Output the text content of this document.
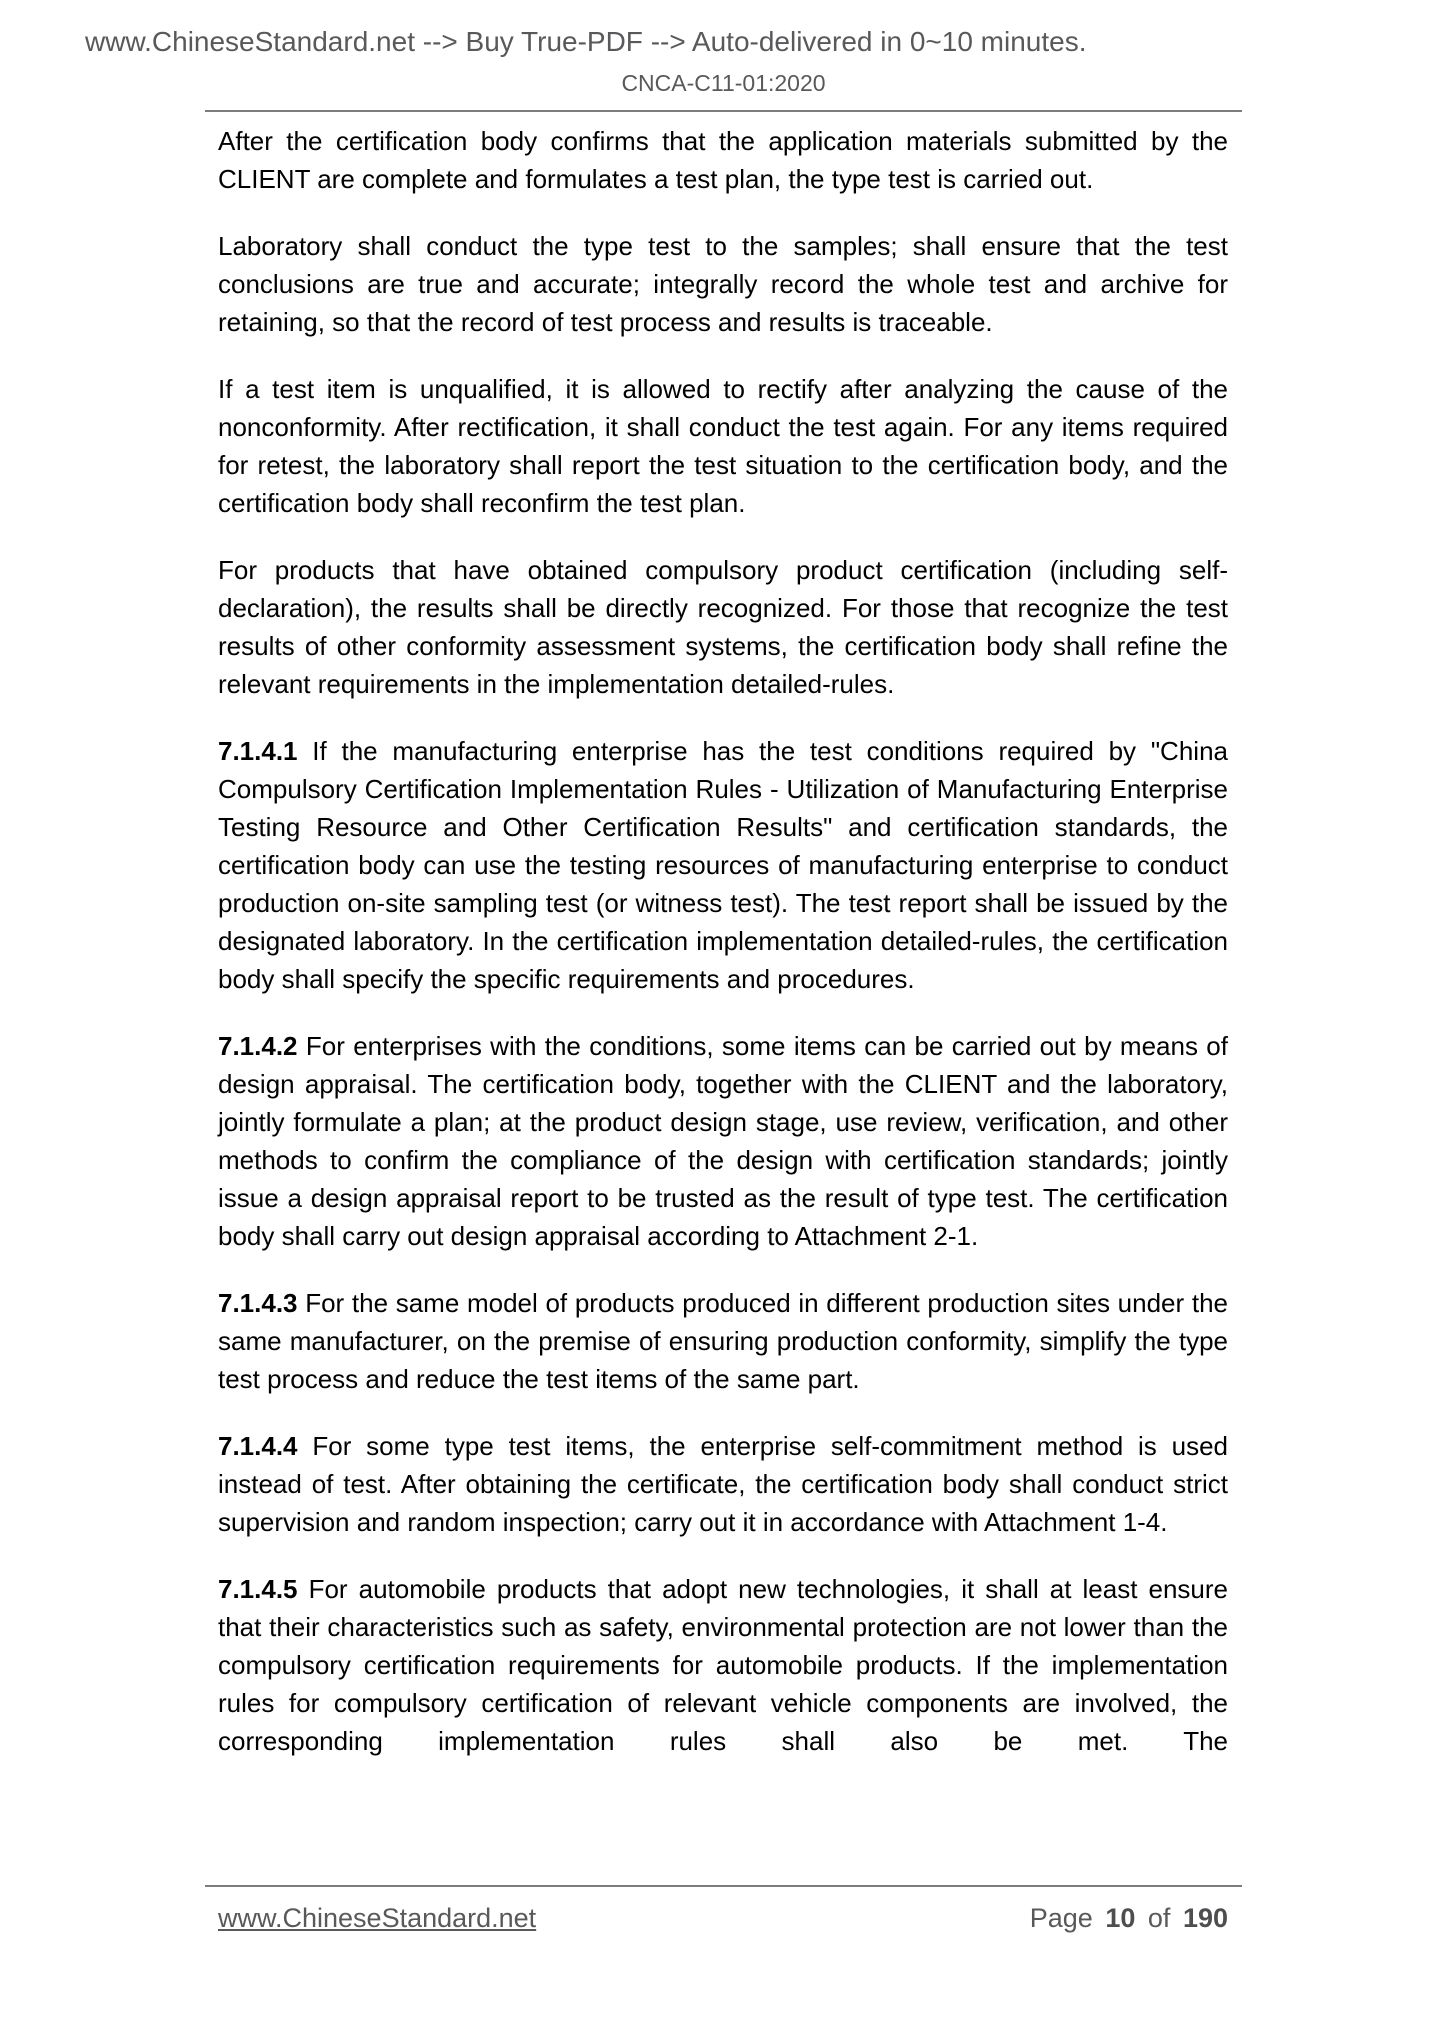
www.ChineseStandard.net --> Buy True-PDF --> Auto-delivered in 0~10 minutes.
CNCA-C11-01:2020

After the certification body confirms that the application materials submitted by the CLIENT are complete and formulates a test plan, the type test is carried out.

Laboratory shall conduct the type test to the samples; shall ensure that the test conclusions are true and accurate; integrally record the whole test and archive for retaining, so that the record of test process and results is traceable.

If a test item is unqualified, it is allowed to rectify after analyzing the cause of the nonconformity. After rectification, it shall conduct the test again. For any items required for retest, the laboratory shall report the test situation to the certification body, and the certification body shall reconfirm the test plan.

For products that have obtained compulsory product certification (including self-declaration), the results shall be directly recognized. For those that recognize the test results of other conformity assessment systems, the certification body shall refine the relevant requirements in the implementation detailed-rules.

7.1.4.1 If the manufacturing enterprise has the test conditions required by "China Compulsory Certification Implementation Rules - Utilization of Manufacturing Enterprise Testing Resource and Other Certification Results" and certification standards, the certification body can use the testing resources of manufacturing enterprise to conduct production on-site sampling test (or witness test). The test report shall be issued by the designated laboratory. In the certification implementation detailed-rules, the certification body shall specify the specific requirements and procedures.

7.1.4.2 For enterprises with the conditions, some items can be carried out by means of design appraisal. The certification body, together with the CLIENT and the laboratory, jointly formulate a plan; at the product design stage, use review, verification, and other methods to confirm the compliance of the design with certification standards; jointly issue a design appraisal report to be trusted as the result of type test. The certification body shall carry out design appraisal according to Attachment 2-1.

7.1.4.3 For the same model of products produced in different production sites under the same manufacturer, on the premise of ensuring production conformity, simplify the type test process and reduce the test items of the same part.

7.1.4.4 For some type test items, the enterprise self-commitment method is used instead of test. After obtaining the certificate, the certification body shall conduct strict supervision and random inspection; carry out it in accordance with Attachment 1-4.

7.1.4.5 For automobile products that adopt new technologies, it shall at least ensure that their characteristics such as safety, environmental protection are not lower than the compulsory certification requirements for automobile products. If the implementation rules for compulsory certification of relevant vehicle components are involved, the corresponding implementation rules shall also be met. The

www.ChineseStandard.net	Page 10 of 190
